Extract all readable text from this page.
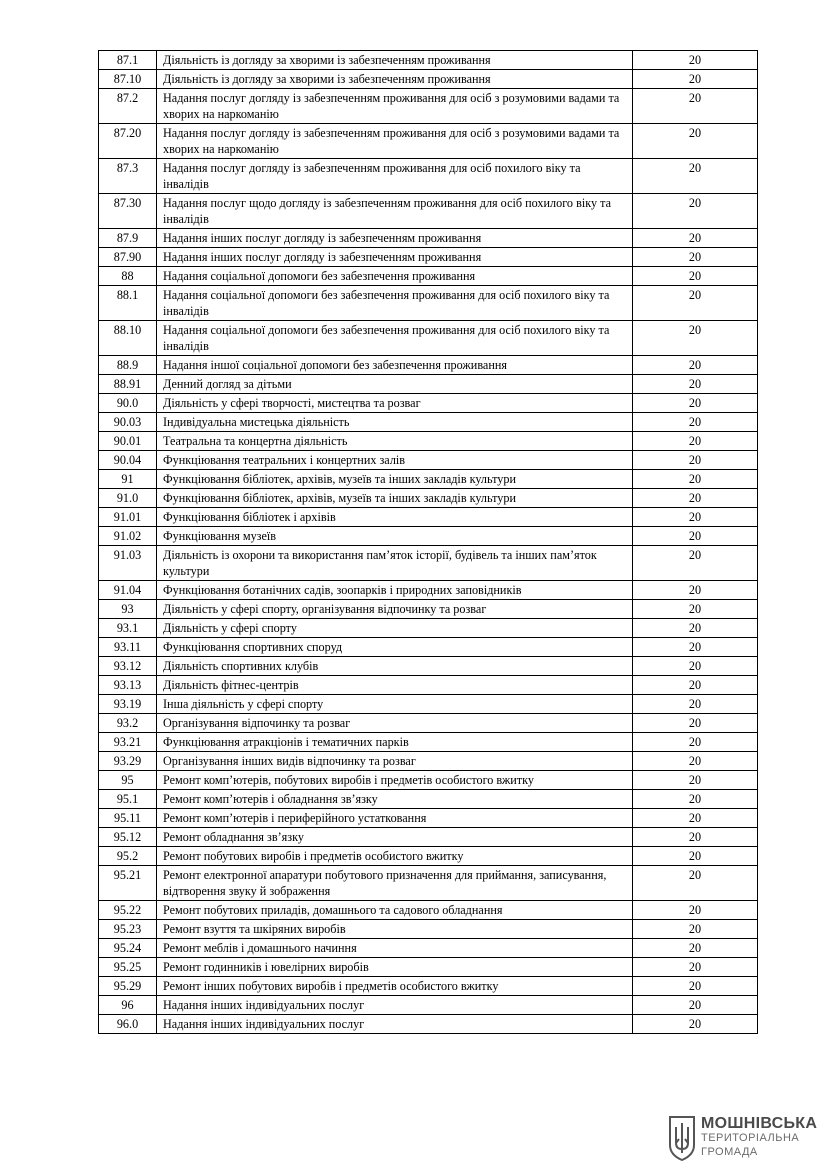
87.1	Діяльність із догляду за хворими із забезпеченням проживання	20
87.10	Діяльність із догляду за хворими із забезпеченням проживання	20
87.2	Надання послуг догляду із забезпеченням проживання для осіб з розумовими вадами та хворих на наркоманію	20
87.20	Надання послуг догляду із забезпеченням проживання для осіб з розумовими вадами та хворих на наркоманію	20
87.3	Надання послуг догляду із забезпеченням проживання для осіб похилого віку та інвалідів	20
87.30	Надання послуг щодо догляду із забезпеченням проживання для осіб похилого віку та інвалідів	20
87.9	Надання інших послуг догляду із забезпеченням проживання	20
87.90	Надання інших послуг догляду із забезпеченням проживання	20
88	Надання соціальної допомоги без забезпечення проживання	20
88.1	Надання соціальної допомоги без забезпечення проживання для осіб похилого віку та інвалідів	20
88.10	Надання соціальної допомоги без забезпечення проживання для осіб похилого віку та інвалідів	20
88.9	Надання іншої соціальної допомоги без забезпечення проживання	20
88.91	Денний догляд за дітьми	20
90.0	Діяльність у сфері творчості, мистецтва та розваг	20
90.03	Індивідуальна мистецька діяльність	20
90.01	Театральна та концертна діяльність	20
90.04	Функціювання театральних і концертних залів	20
91	Функціювання бібліотек, архівів, музеїв та інших закладів культури	20
91.0	Функціювання бібліотек, архівів, музеїв та інших закладів культури	20
91.01	Функціювання бібліотек і архівів	20
91.02	Функціювання музеїв	20
91.03	Діяльність із охорони та використання пам’яток історії, будівель та інших пам’яток культури	20
91.04	Функціювання ботанічних садів, зоопарків і природних заповідників	20
93	Діяльність у сфері спорту, організування відпочинку та розваг	20
93.1	Діяльність у сфері спорту	20
93.11	Функціювання спортивних споруд	20
93.12	Діяльність спортивних клубів	20
93.13	Діяльність фітнес-центрів	20
93.19	Інша діяльність у сфері спорту	20
93.2	Організування відпочинку та розваг	20
93.21	Функціювання атракціонів і тематичних парків	20
93.29	Організування інших видів відпочинку та розваг	20
95	Ремонт комп’ютерів, побутових виробів і предметів особистого вжитку	20
95.1	Ремонт комп’ютерів і обладнання зв’язку	20
95.11	Ремонт комп’ютерів і периферійного устатковання	20
95.12	Ремонт обладнання зв’язку	20
95.2	Ремонт побутових виробів і предметів особистого вжитку	20
95.21	Ремонт електронної апаратури побутового призначення для приймання, записування, відтворення звуку й зображення	20
95.22	Ремонт побутових приладів, домашнього та садового обладнання	20
95.23	Ремонт взуття та шкіряних виробів	20
95.24	Ремонт меблів і домашнього начиння	20
95.25	Ремонт годинників і ювелірних виробів	20
95.29	Ремонт інших побутових виробів і предметів особистого вжитку	20
96	Надання інших індивідуальних послуг	20
96.0	Надання інших індивідуальних послуг	20
МОШНІВСЬКА
ТЕРИТОРІАЛЬНА
ГРОМАДА
